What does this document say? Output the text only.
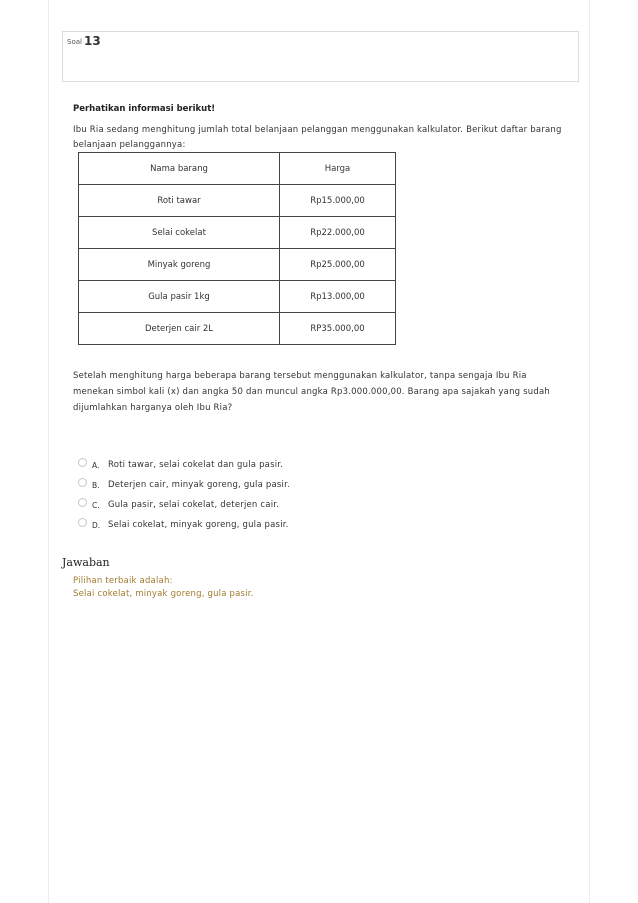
Soal 13
Perhatikan informasi berikut!
Ibu Ria sedang menghitung jumlah total belanjaan pelanggan menggunakan kalkulator. Berikut daftar barang belanjaan pelanggannya:
Nama barang	Harga
Roti tawar	Rp15.000,00
Selai cokelat	Rp22.000,00
Minyak goreng	Rp25.000,00
Gula pasir 1kg	Rp13.000,00
Deterjen cair 2L	RP35.000,00
Setelah menghitung harga beberapa barang tersebut menggunakan kalkulator, tanpa sengaja Ibu Ria menekan simbol kali (x) dan angka 50 dan muncul angka Rp3.000.000,00. Barang apa sajakah yang sudah dijumlahkan harganya oleh Ibu Ria?
A.	Roti tawar, selai cokelat dan gula pasir.
B. Deterjen cair, minyak goreng, gula pasir.
C. Gula pasir, selai cokelat, deterjen cair.
D. Selai cokelat, minyak goreng, gula pasir.
Jawaban
Pilihan terbaik adalah:
Selai cokelat, minyak goreng, gula pasir.
